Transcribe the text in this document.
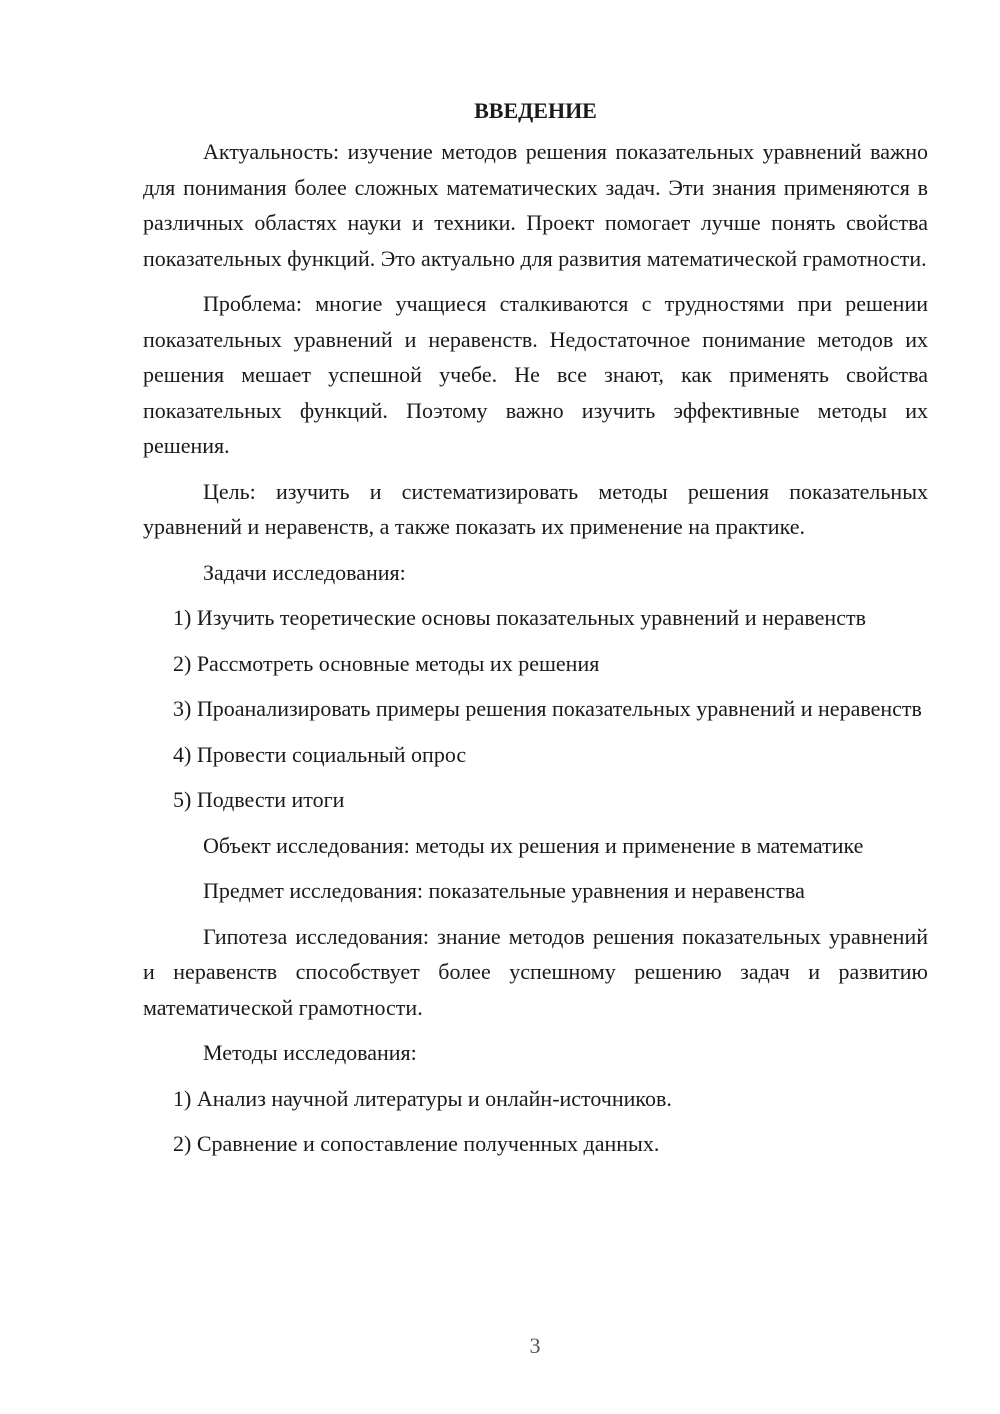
ВВЕДЕНИЕ

Актуальность: изучение методов решения показательных уравнений важно для понимания более сложных математических задач. Эти знания применяются в различных областях науки и техники. Проект помогает лучше понять свойства показательных функций. Это актуально для развития математической грамотности.

Проблема: многие учащиеся сталкиваются с трудностями при решении показательных уравнений и неравенств. Недостаточное понимание методов их решения мешает успешной учебе. Не все знают, как применять свойства показательных функций. Поэтому важно изучить эффективные методы их решения.

Цель: изучить и систематизировать методы решения показательных уравнений и неравенств, а также показать их применение на практике.

Задачи исследования:

1) Изучить теоретические основы показательных уравнений и неравенств

2) Рассмотреть основные методы их решения

3) Проанализировать примеры решения показательных уравнений и неравенств

4) Провести социальный опрос

5) Подвести итоги

Объект исследования: методы их решения и применение в математике

Предмет исследования: показательные уравнения и неравенства

Гипотеза исследования: знание методов решения показательных уравнений и неравенств способствует более успешному решению задач и развитию математической грамотности.

Методы исследования:

1) Анализ научной литературы и онлайн-источников.

2) Сравнение и сопоставление полученных данных.

3
